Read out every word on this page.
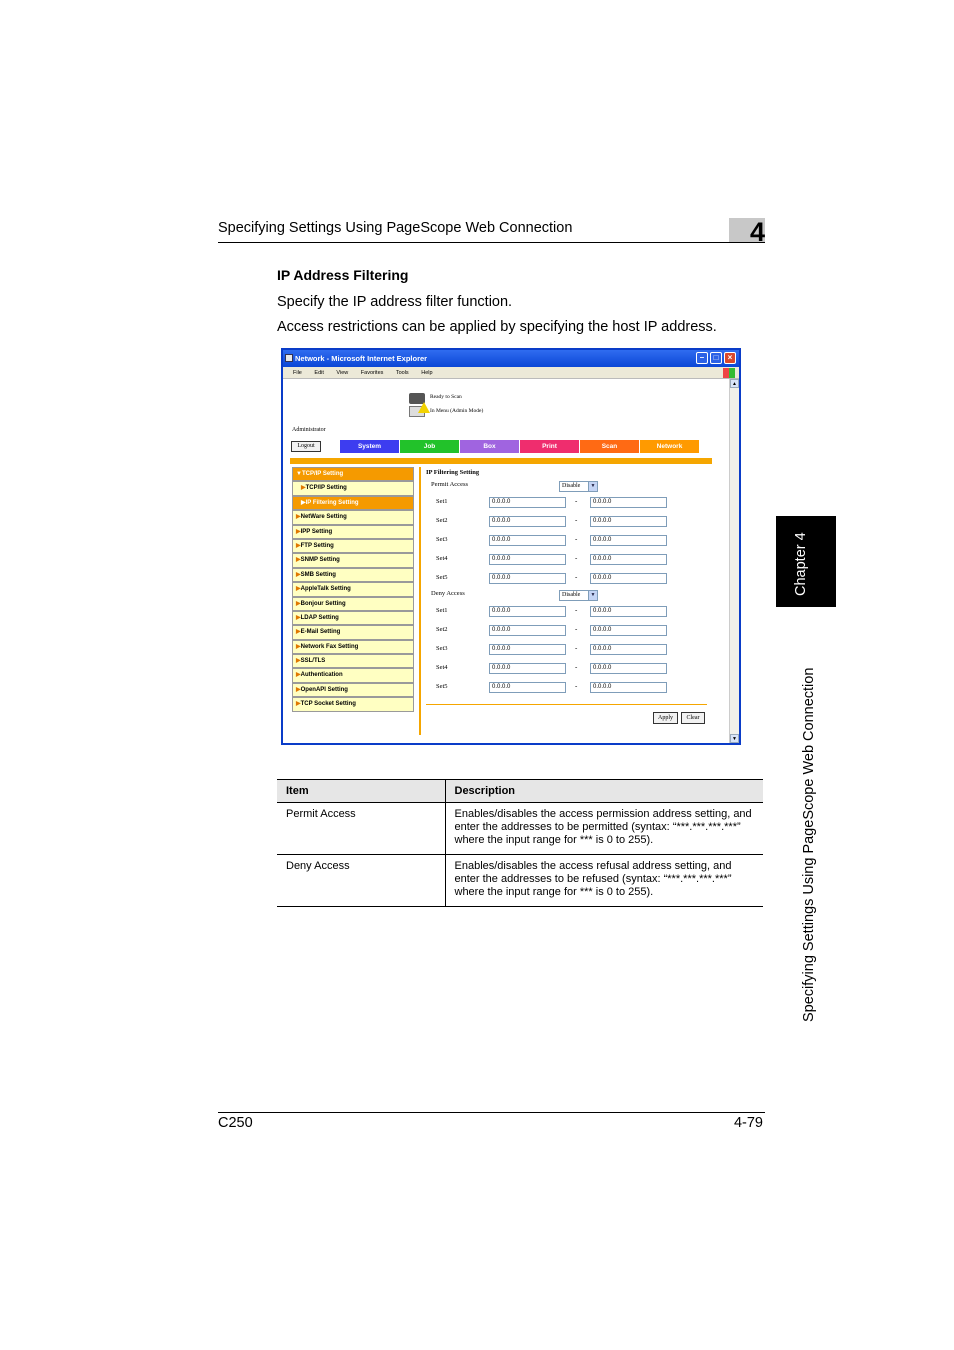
Specifying Settings Using PageScope Web Connection	4
IP Address Filtering
Specify the IP address filter function.
Access restrictions can be applied by specifying the host IP address.
Chapter 4
Specifying Settings Using PageScope Web Connection
Network - Microsoft Internet Explorer	–	□	×
File Edit View Favorites Tools Help
▲
▼
Ready to Scan
In Menu (Admin Mode)
Administrator
Logout	System	Job	Box	Print	Scan	Network
▼TCP/IP Setting
▶TCP/IP Setting
▶IP Filtering Setting
▶NetWare Setting
▶IPP Setting
▶FTP Setting
▶SNMP Setting
▶SMB Setting
▶AppleTalk Setting
▶Bonjour Setting
▶LDAP Setting
▶E-Mail Setting
▶Network Fax Setting
▶SSL/TLS
▶Authentication
▶OpenAPI Setting
▶TCP Socket Setting
IP Filtering Setting
Permit Access	Disable	▼
Set1	0.0.0.0	-	0.0.0.0
Set2	0.0.0.0	-	0.0.0.0
Set3	0.0.0.0	-	0.0.0.0
Set4	0.0.0.0	-	0.0.0.0
Set5	0.0.0.0	-	0.0.0.0
Deny Access	Disable	▼
Set1	0.0.0.0	-	0.0.0.0
Set2	0.0.0.0	-	0.0.0.0
Set3	0.0.0.0	-	0.0.0.0
Set4	0.0.0.0	-	0.0.0.0
Set5	0.0.0.0	-	0.0.0.0
Apply	Clear
Item	Description
Permit Access	Enables/disables the access permission address setting, and enter the addresses to be permitted (syntax: “***.***.***.***” where the input range for *** is 0 to 255).
Deny Access	Enables/disables the access refusal address setting, and enter the addresses to be refused (syntax: “***.***.***.***” where the input range for *** is 0 to 255).
C250	4-79
